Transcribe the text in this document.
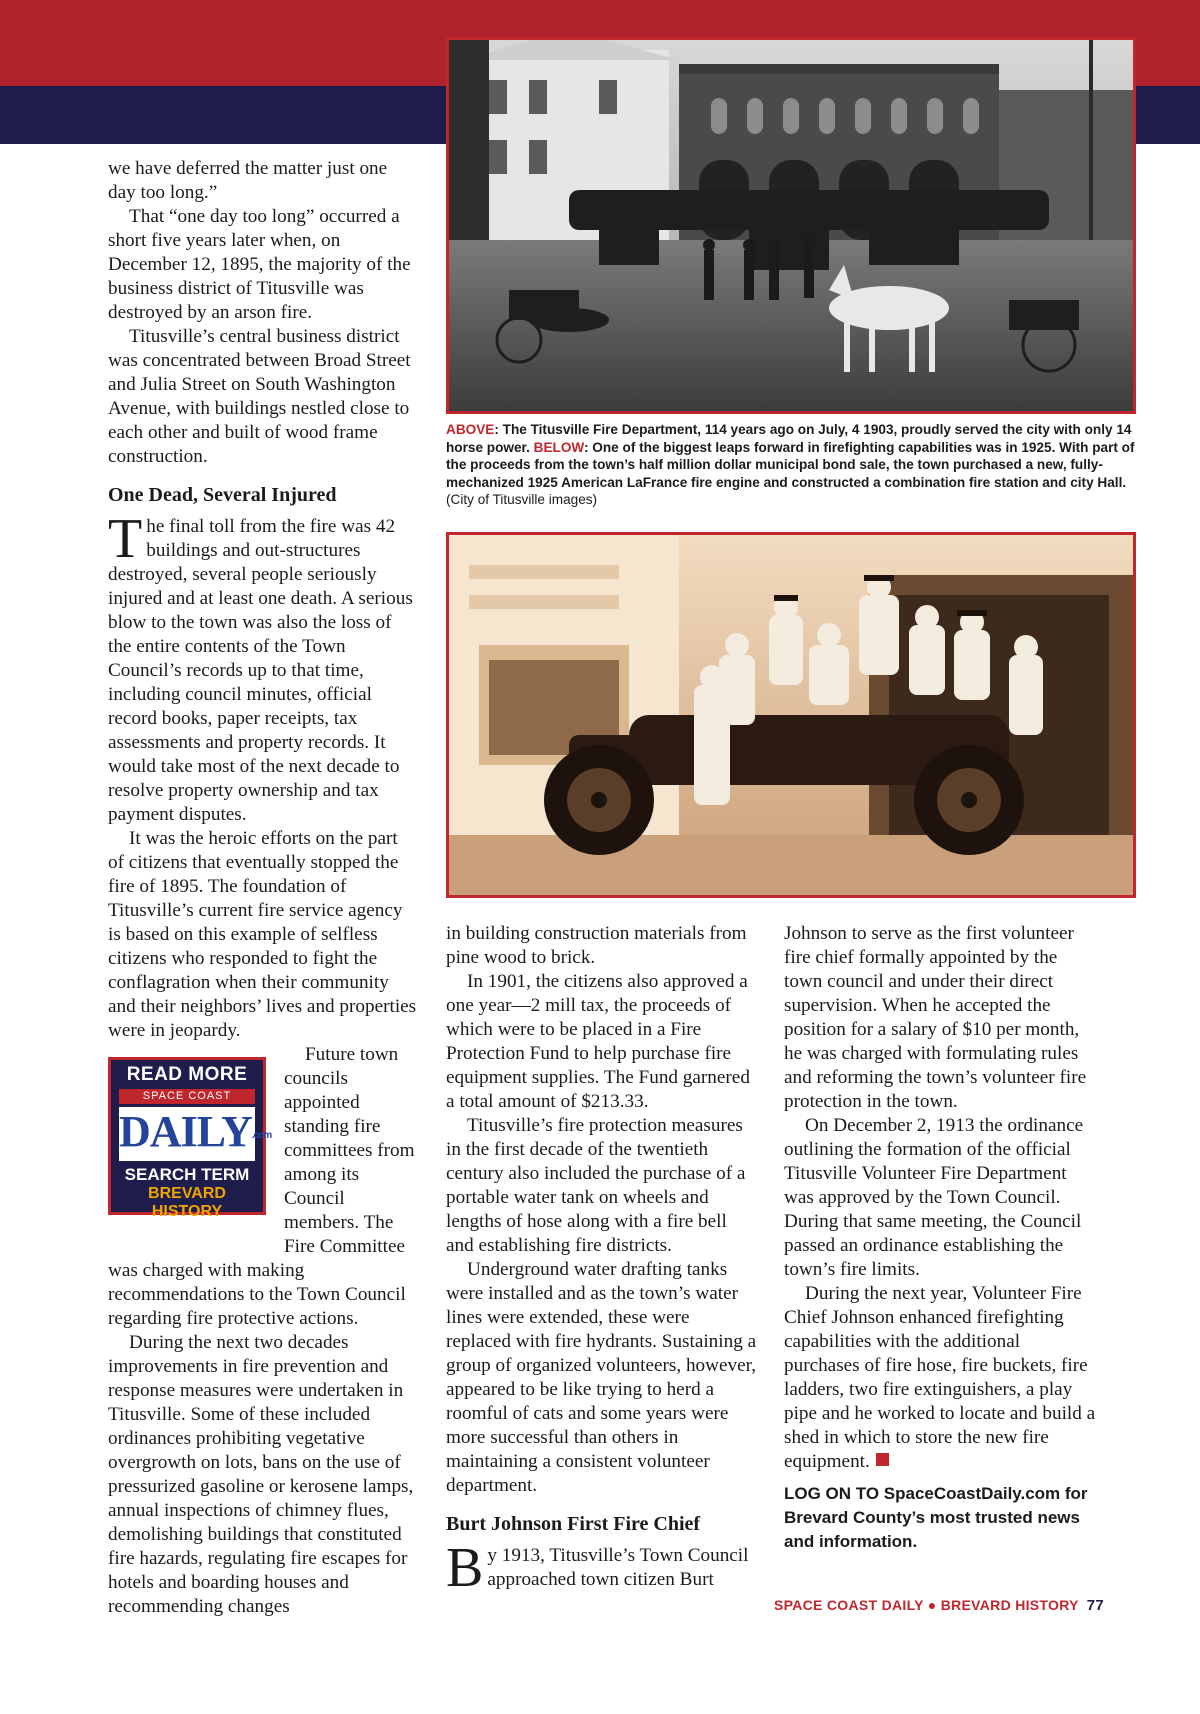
ABOVE: The Titusville Fire Department, 114 years ago on July, 4 1903, proudly served the city with only 14 horse power. BELOW: One of the biggest leaps forward in firefighting capabilities was in 1925. With part of the proceeds from the town’s half million dollar municipal bond sale, the town purchased a new, fully-mechanized 1925 American LaFrance fire engine and constructed a combination fire station and city Hall. (City of Titusville images)

we have deferred the matter just one day too long.”

That “one day too long” occurred a short five years later when, on December 12, 1895, the majority of the business district of Titusville was destroyed by an arson fire.

Titusville’s central business district was concentrated between Broad Street and Julia Street on South Washington Avenue, with buildings nestled close to each other and built of wood frame construction.

One Dead, Several Injured

The final toll from the fire was 42 buildings and out-structures destroyed, several people seriously injured and at least one death. A serious blow to the town was also the loss of the entire contents of the Town Council’s records up to that time, including council minutes, official record books, paper receipts, tax assessments and property records. It would take most of the next decade to resolve property ownership and tax payment disputes.

It was the heroic efforts on the part of citizens that eventually stopped the fire of 1895. The foundation of Titusville’s current fire service agency is based on this example of selfless citizens who responded to fight the conflagration when their community and their neighbors’ lives and properties were in jeopardy.

Future town councils appointed standing fire committees from among its Council members. The Fire Committee was charged with making recommendations to the Town Council regarding fire protective actions.

During the next two decades improvements in fire prevention and response measures were undertaken in Titusville. Some of these included ordinances prohibiting vegetative overgrowth on lots, bans on the use of pressurized gasoline or kerosene lamps, annual inspections of chimney flues, demolishing buildings that constituted fire hazards, regulating fire escapes for hotels and boarding houses and recommending changes

READ MORE
SPACE COAST
DAILY.com
SEARCH TERM
BREVARD HISTORY

in building construction materials from pine wood to brick.

In 1901, the citizens also approved a one year—2 mill tax, the proceeds of which were to be placed in a Fire Protection Fund to help purchase fire equipment supplies. The Fund garnered a total amount of $213.33.

Titusville’s fire protection measures in the first decade of the twentieth century also included the purchase of a portable water tank on wheels and lengths of hose along with a fire bell and establishing fire districts.

Underground water drafting tanks were installed and as the town’s water lines were extended, these were replaced with fire hydrants. Sustaining a group of organized volunteers, however, appeared to be like trying to herd a roomful of cats and some years were more successful than others in maintaining a consistent volunteer department.

Burt Johnson First Fire Chief

By 1913, Titusville’s Town Council approached town citizen Burt

Johnson to serve as the first volunteer fire chief formally appointed by the town council and under their direct supervision. When he accepted the position for a salary of $10 per month, he was charged with formulating rules and reforming the town’s volunteer fire protection in the town.

On December 2, 1913 the ordinance outlining the formation of the official Titusville Volunteer Fire Department was approved by the Town Council. During that same meeting, the Council passed an ordinance establishing the town’s fire limits.

During the next year, Volunteer Fire Chief Johnson enhanced firefighting capabilities with the additional purchases of fire hose, fire buckets, fire ladders, two fire extinguishers, a play pipe and he worked to locate and build a shed in which to store the new fire equipment.

LOG ON TO SpaceCoastDaily.com for Brevard County’s most trusted news and information.
SPACE COAST DAILY ● BREVARD HISTORY 77
